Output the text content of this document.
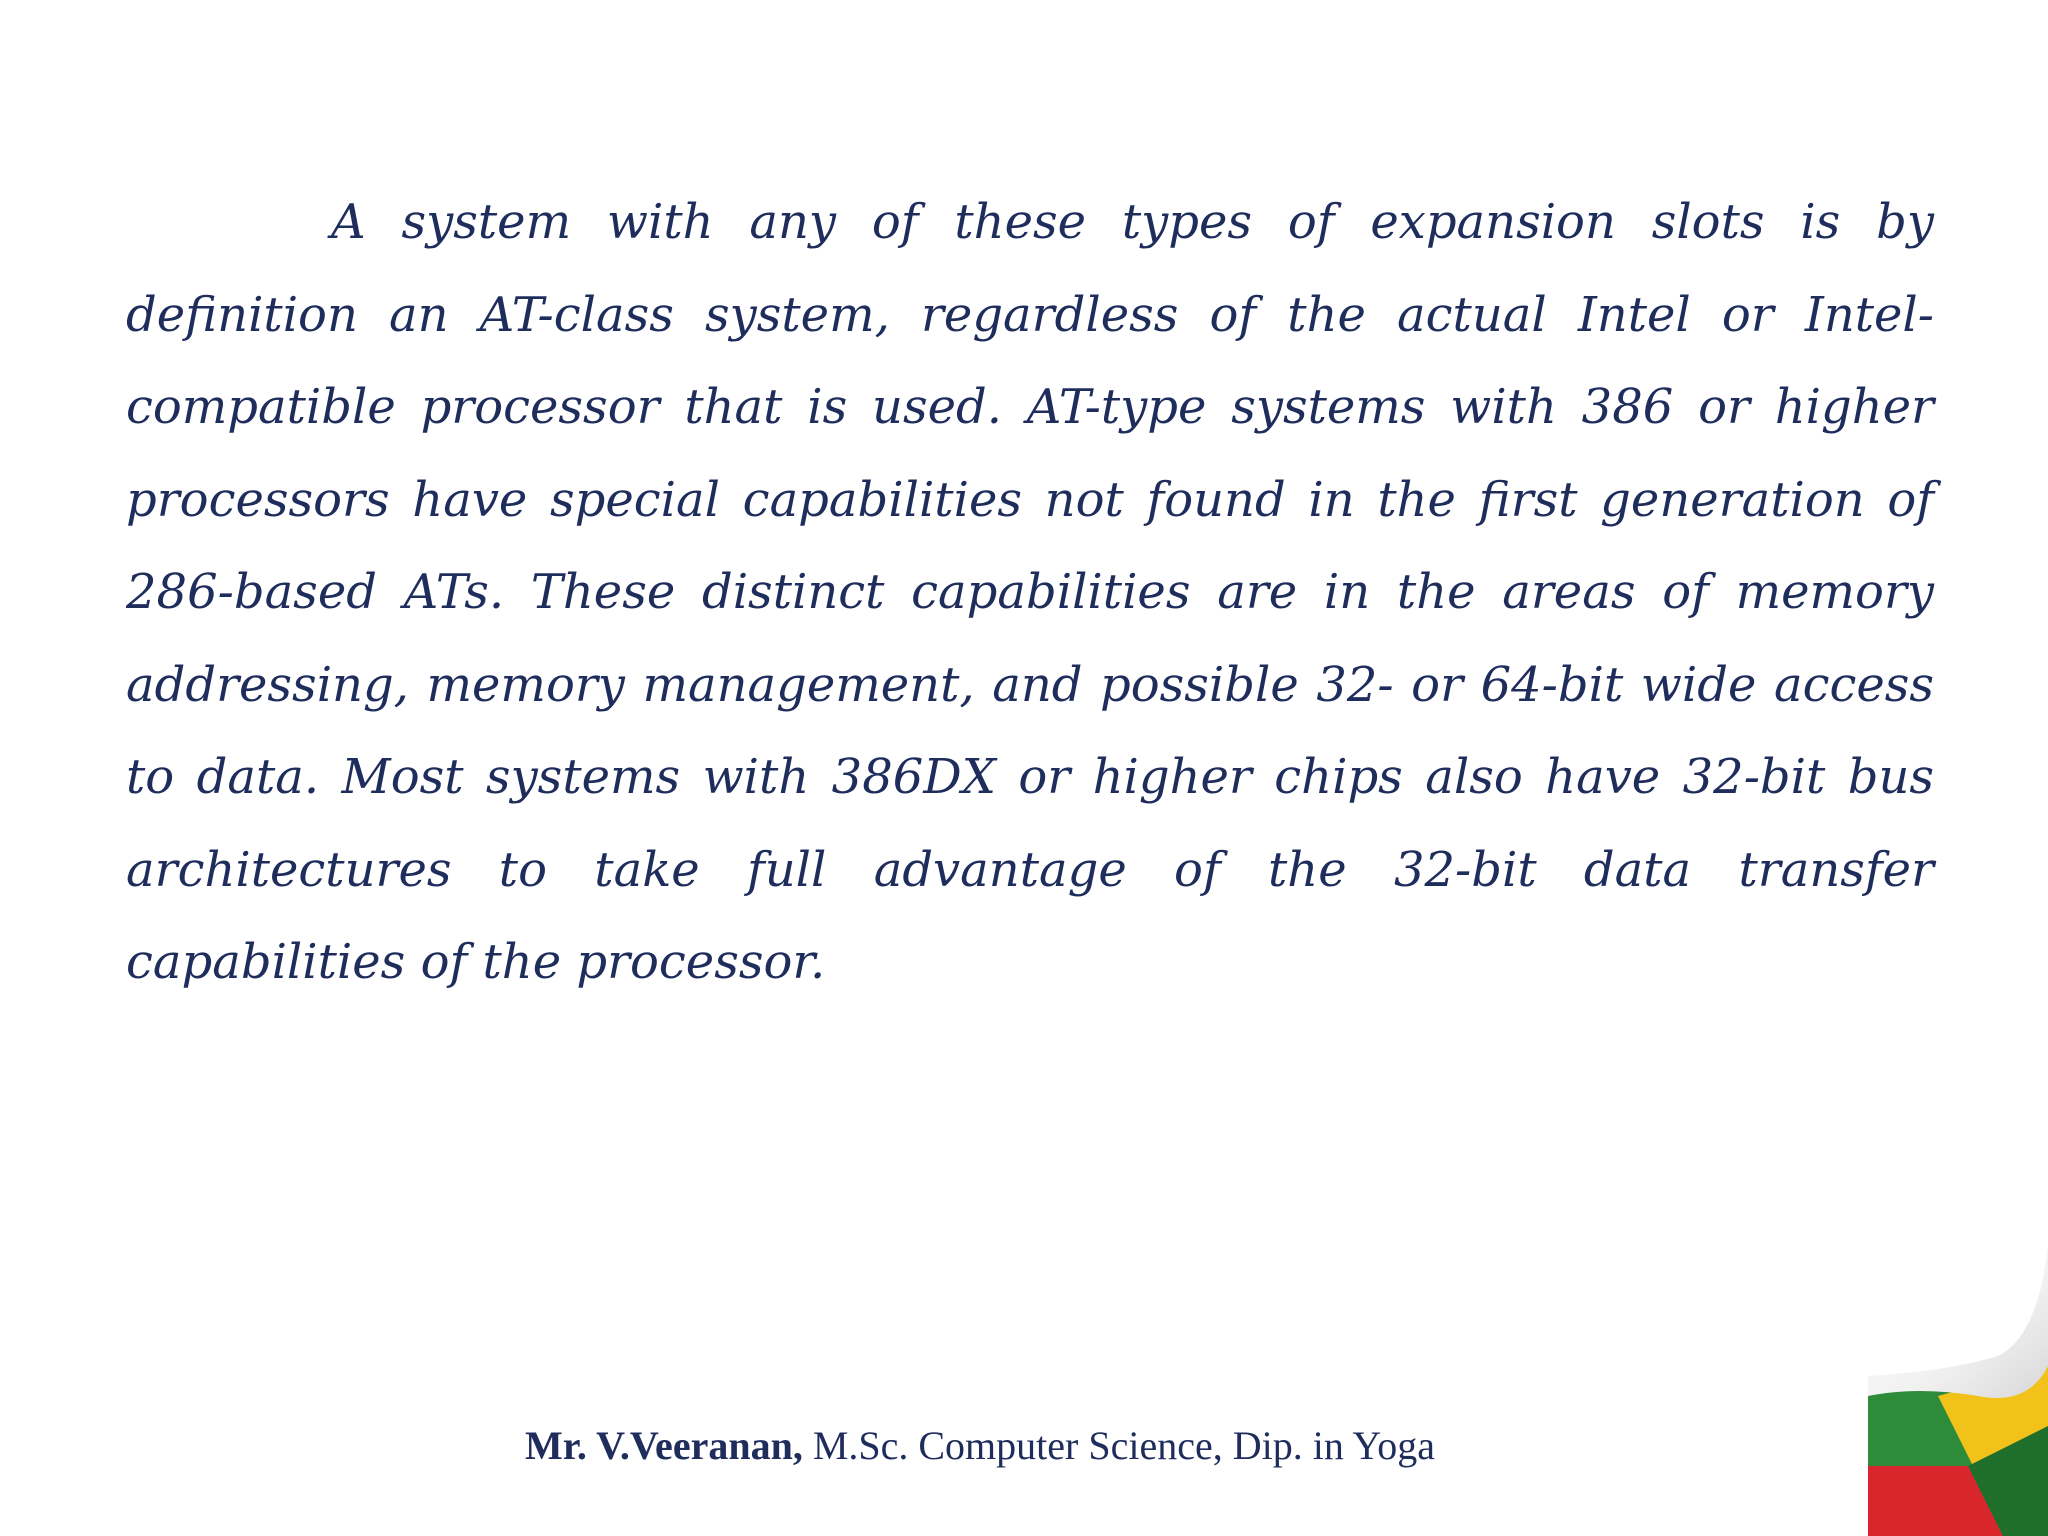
A system with any of these types of expansion slots is by definition an AT-class system, regardless of the actual Intel or Intel-compatible processor that is used. AT-type systems with 386 or higher processors have special capabilities not found in the first generation of 286-based ATs. These distinct capabilities are in the areas of memory addressing, memory management, and possible 32- or 64-bit wide access to data. Most systems with 386DX or higher chips also have 32-bit bus architectures to take full advantage of the 32-bit data transfer capabilities of the processor.

Mr. V.Veeranan, M.Sc. Computer Science, Dip. in Yoga
